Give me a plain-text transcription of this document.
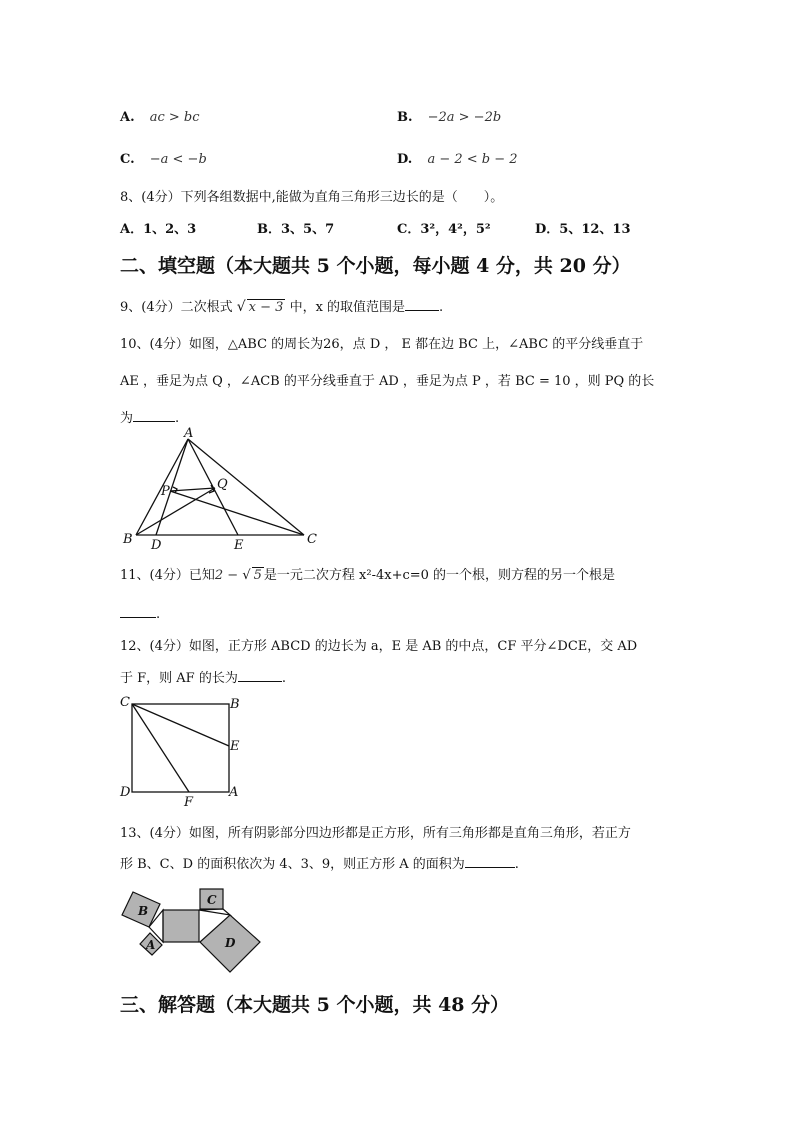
A. ac > bc	B. −2a > −2b
C. −a < −b	D. a − 2 < b − 2
8、(4分）下列各组数据中,能做为直角三角形三边长的是（　　）。
A．1、2、3	B．3、5、7	C．3²，4²，5²	D．5、12、13
二、填空题（本大题共 5 个小题，每小题 4 分，共 20 分）
9、(4分）二次根式 √ x − 3 中，x 的取值范围是	.
10、(4分）如图，△ABC 的周长为26，点 D ， E 都在边 BC 上，∠ABC 的平分线垂直于
AE ，垂足为点 Q ，∠ACB 的平分线垂直于 AD ，垂足为点 P ，若 BC = 10 ，则 PQ 的长
为	.
A
B	C
D	E
P	Q
11、(4分）已知2 − √ 5 是一元二次方程 x²-4x+c=0 的一个根，则方程的另一个根是
.
12、(4分）如图，正方形 ABCD 的边长为 a，E 是 AB 的中点，CF 平分∠DCE，交 AD
于 F，则 AF 的长为	.
C	B
E
D	A
F
13、(4分）如图，所有阴影部分四边形都是正方形，所有三角形都是直角三角形，若正方
形 B、C、D 的面积依次为 4、3、9，则正方形 A 的面积为	.
B
A
C
D
三、解答题（本大题共 5 个小题，共 48 分）
